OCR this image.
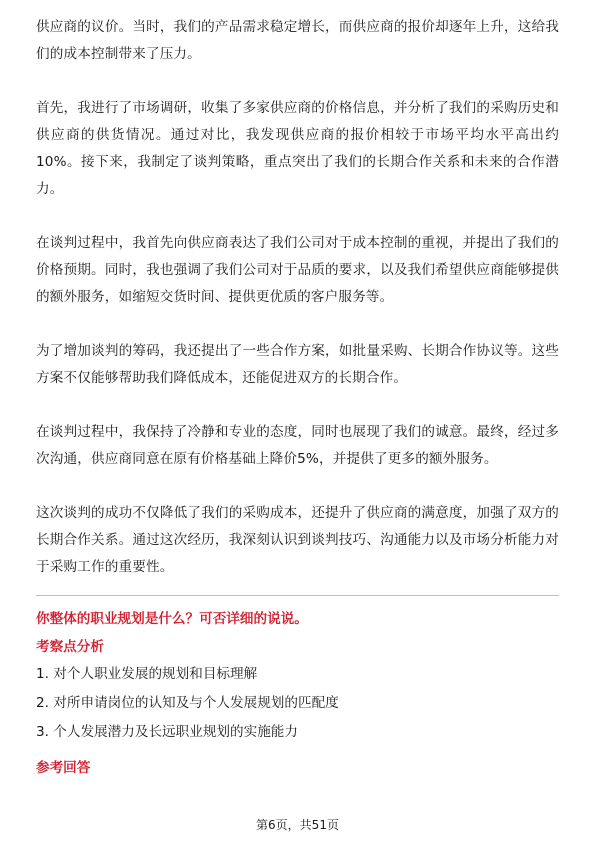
供应商的议价。当时，我们的产品需求稳定增长，而供应商的报价却逐年上升，这给我们的成本控制带来了压力。

首先，我进行了市场调研，收集了多家供应商的价格信息，并分析了我们的采购历史和供应商的供货情况。通过对比，我发现供应商的报价相较于市场平均水平高出约10%。接下来，我制定了谈判策略，重点突出了我们的长期合作关系和未来的合作潜力。

在谈判过程中，我首先向供应商表达了我们公司对于成本控制的重视，并提出了我们的价格预期。同时，我也强调了我们公司对于品质的要求，以及我们希望供应商能够提供的额外服务，如缩短交货时间、提供更优质的客户服务等。

为了增加谈判的筹码，我还提出了一些合作方案，如批量采购、长期合作协议等。这些方案不仅能够帮助我们降低成本，还能促进双方的长期合作。

在谈判过程中，我保持了冷静和专业的态度，同时也展现了我们的诚意。最终，经过多次沟通，供应商同意在原有价格基础上降价5%，并提供了更多的额外服务。

这次谈判的成功不仅降低了我们的采购成本，还提升了供应商的满意度，加强了双方的长期合作关系。通过这次经历，我深刻认识到谈判技巧、沟通能力以及市场分析能力对于采购工作的重要性。

你整体的职业规划是什么？可否详细的说说。

考察点分析

1. 对个人职业发展的规划和目标理解
2. 对所申请岗位的认知及与个人发展规划的匹配度
3. 个人发展潜力及长远职业规划的实施能力

参考回答

第6页，共51页
